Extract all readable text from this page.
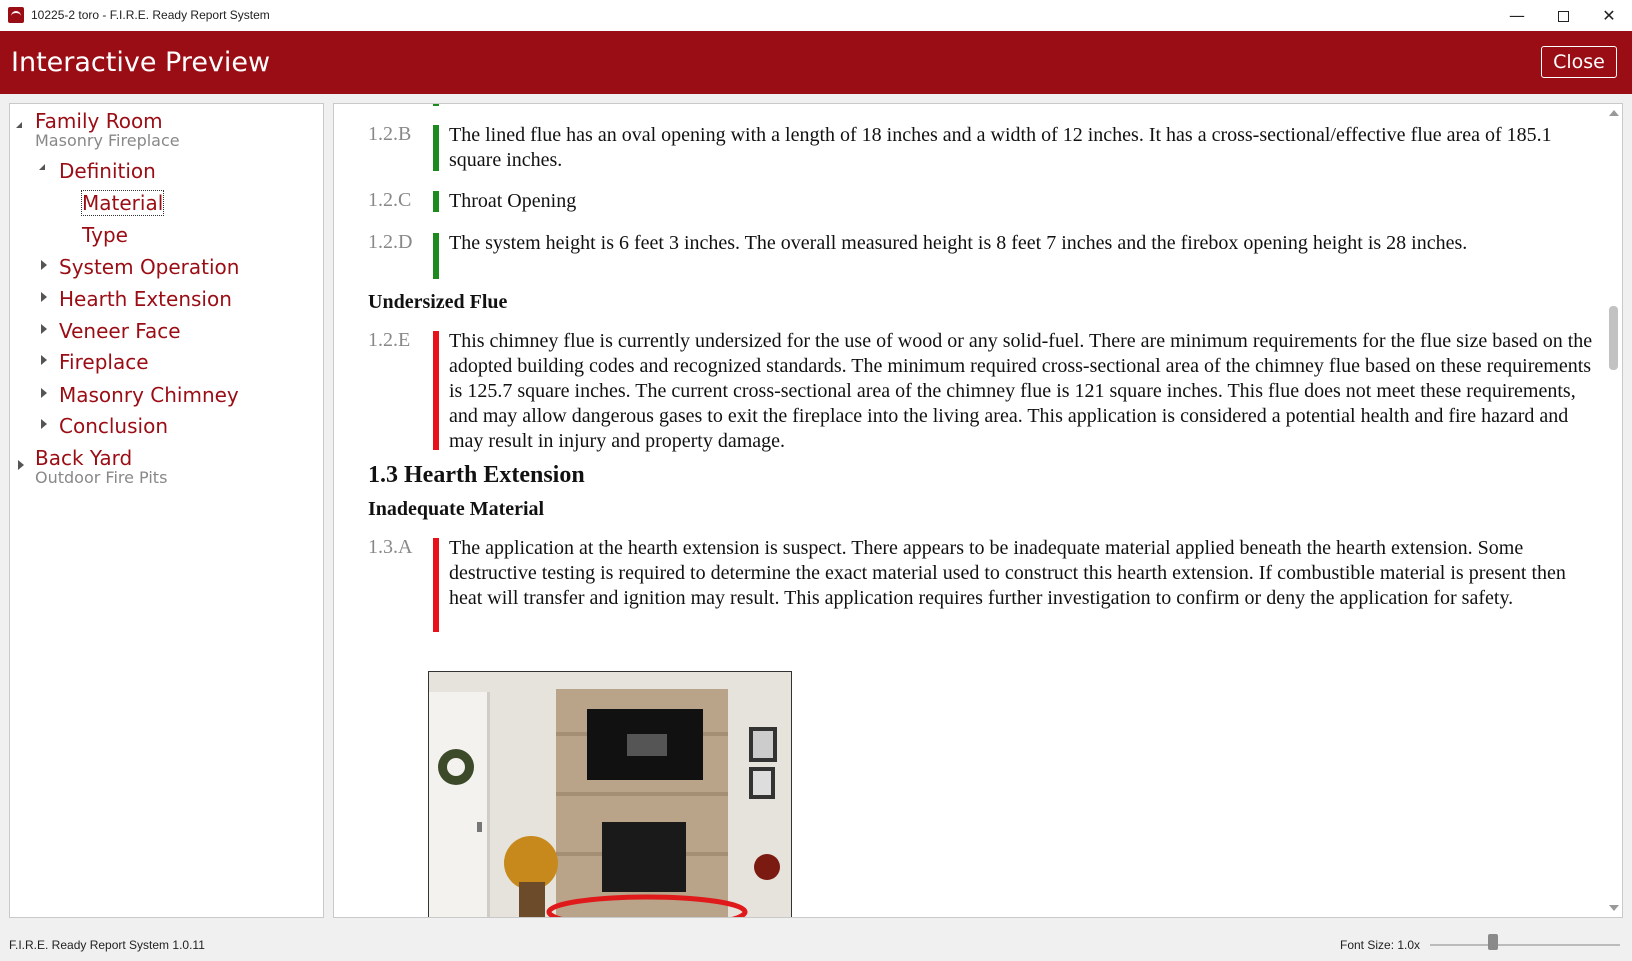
10225-2 toro - F.I.R.E. Ready Report System	—	✕
Interactive Preview	Close
Family Room
Masonry Fireplace
Definition
Material
Type
System Operation
Hearth Extension
Veneer Face
Fireplace
Masonry Chimney
Conclusion
Back Yard
Outdoor Fire Pits
1.2.B The lined flue has an oval opening with a length of 18 inches and a width of 12 inches. It has a cross-sectional/effective flue area of 185.1 square inches.
1.2.C Throat Opening
1.2.D The system height is 6 feet 3 inches. The overall measured height is 8 feet 7 inches and the firebox opening height is 28 inches.
Undersized Flue
1.2.E This chimney flue is currently undersized for the use of wood or any solid-fuel. There are minimum requirements for the flue size based on the adopted building codes and recognized standards. The minimum required cross-sectional area of the chimney flue based on these requirements is 125.7 square inches. The current cross-sectional area of the chimney flue is 121 square inches. This flue does not meet these requirements, and may allow dangerous gases to exit the fireplace into the living area. This application is considered a potential health and fire hazard and may result in injury and property damage.
1.3 Hearth Extension
Inadequate Material
1.3.A The application at the hearth extension is suspect. There appears to be inadequate material applied beneath the hearth extension. Some destructive testing is required to determine the exact material used to construct this hearth extension. If combustible material is present then heat will transfer and ignition may result. This application requires further investigation to confirm or deny the application for safety.
F.I.R.E. Ready Report System 1.0.11	Font Size: 1.0x
